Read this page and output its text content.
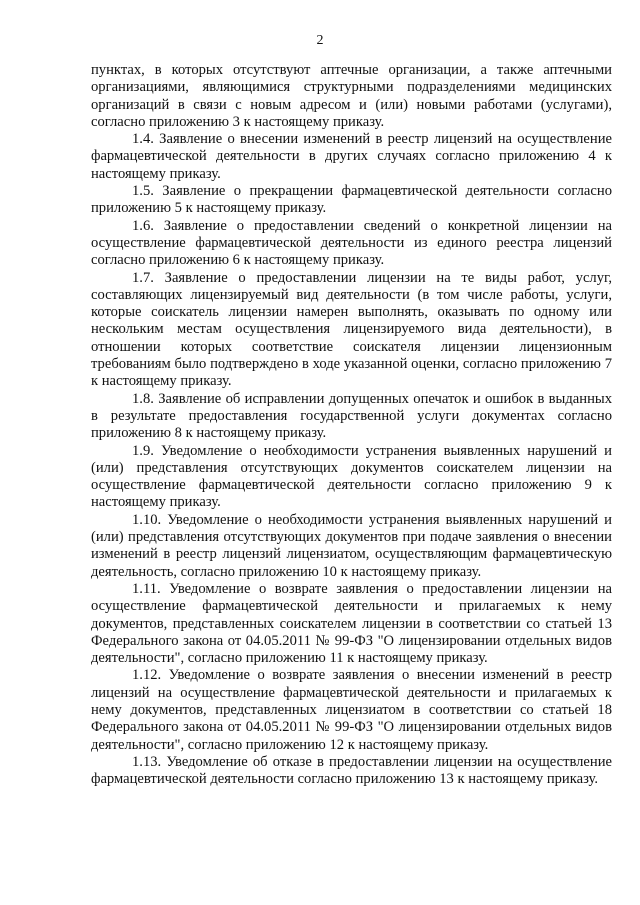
2

пунктах, в которых отсутствуют аптечные организации, а также аптечными организациями, являющимися структурными подразделениями медицинских организаций в связи с новым адресом и (или) новыми работами (услугами), согласно приложению 3 к настоящему приказу.

1.4. Заявление о внесении изменений в реестр лицензий на осуществление фармацевтической деятельности в других случаях согласно приложению 4 к настоящему приказу.

1.5. Заявление о прекращении фармацевтической деятельности согласно приложению 5 к настоящему приказу.

1.6. Заявление о предоставлении сведений о конкретной лицензии на осуществление фармацевтической деятельности из единого реестра лицензий согласно приложению 6 к настоящему приказу.

1.7. Заявление о предоставлении лицензии на те виды работ, услуг, составляющих лицензируемый вид деятельности (в том числе работы, услуги, которые соискатель лицензии намерен выполнять, оказывать по одному или нескольким местам осуществления лицензируемого вида деятельности), в отношении которых соответствие соискателя лицензии лицензионным требованиям было подтверждено в ходе указанной оценки, согласно приложению 7 к настоящему приказу.

1.8. Заявление об исправлении допущенных опечаток и ошибок в выданных в результате предоставления государственной услуги документах согласно приложению 8 к настоящему приказу.

1.9. Уведомление о необходимости устранения выявленных нарушений и (или) представления отсутствующих документов соискателем лицензии на осуществление фармацевтической деятельности согласно приложению 9 к настоящему приказу.

1.10. Уведомление о необходимости устранения выявленных нарушений и (или) представления отсутствующих документов при подаче заявления о внесении изменений в реестр лицензий лицензиатом, осуществляющим фармацевтическую деятельность, согласно приложению 10 к настоящему приказу.

1.11. Уведомление о возврате заявления о предоставлении лицензии на осуществление фармацевтической деятельности и прилагаемых к нему документов, представленных соискателем лицензии в соответствии со статьей 13 Федерального закона от 04.05.2011 № 99-ФЗ "О лицензировании отдельных видов деятельности", согласно приложению 11 к настоящему приказу.

1.12. Уведомление о возврате заявления о внесении изменений в реестр лицензий на осуществление фармацевтической деятельности и прилагаемых к нему документов, представленных лицензиатом в соответствии со статьей 18 Федерального закона от 04.05.2011 № 99-ФЗ "О лицензировании отдельных видов деятельности", согласно приложению 12 к настоящему приказу.

1.13. Уведомление об отказе в предоставлении лицензии на осуществление фармацевтической деятельности согласно приложению 13 к настоящему приказу.
